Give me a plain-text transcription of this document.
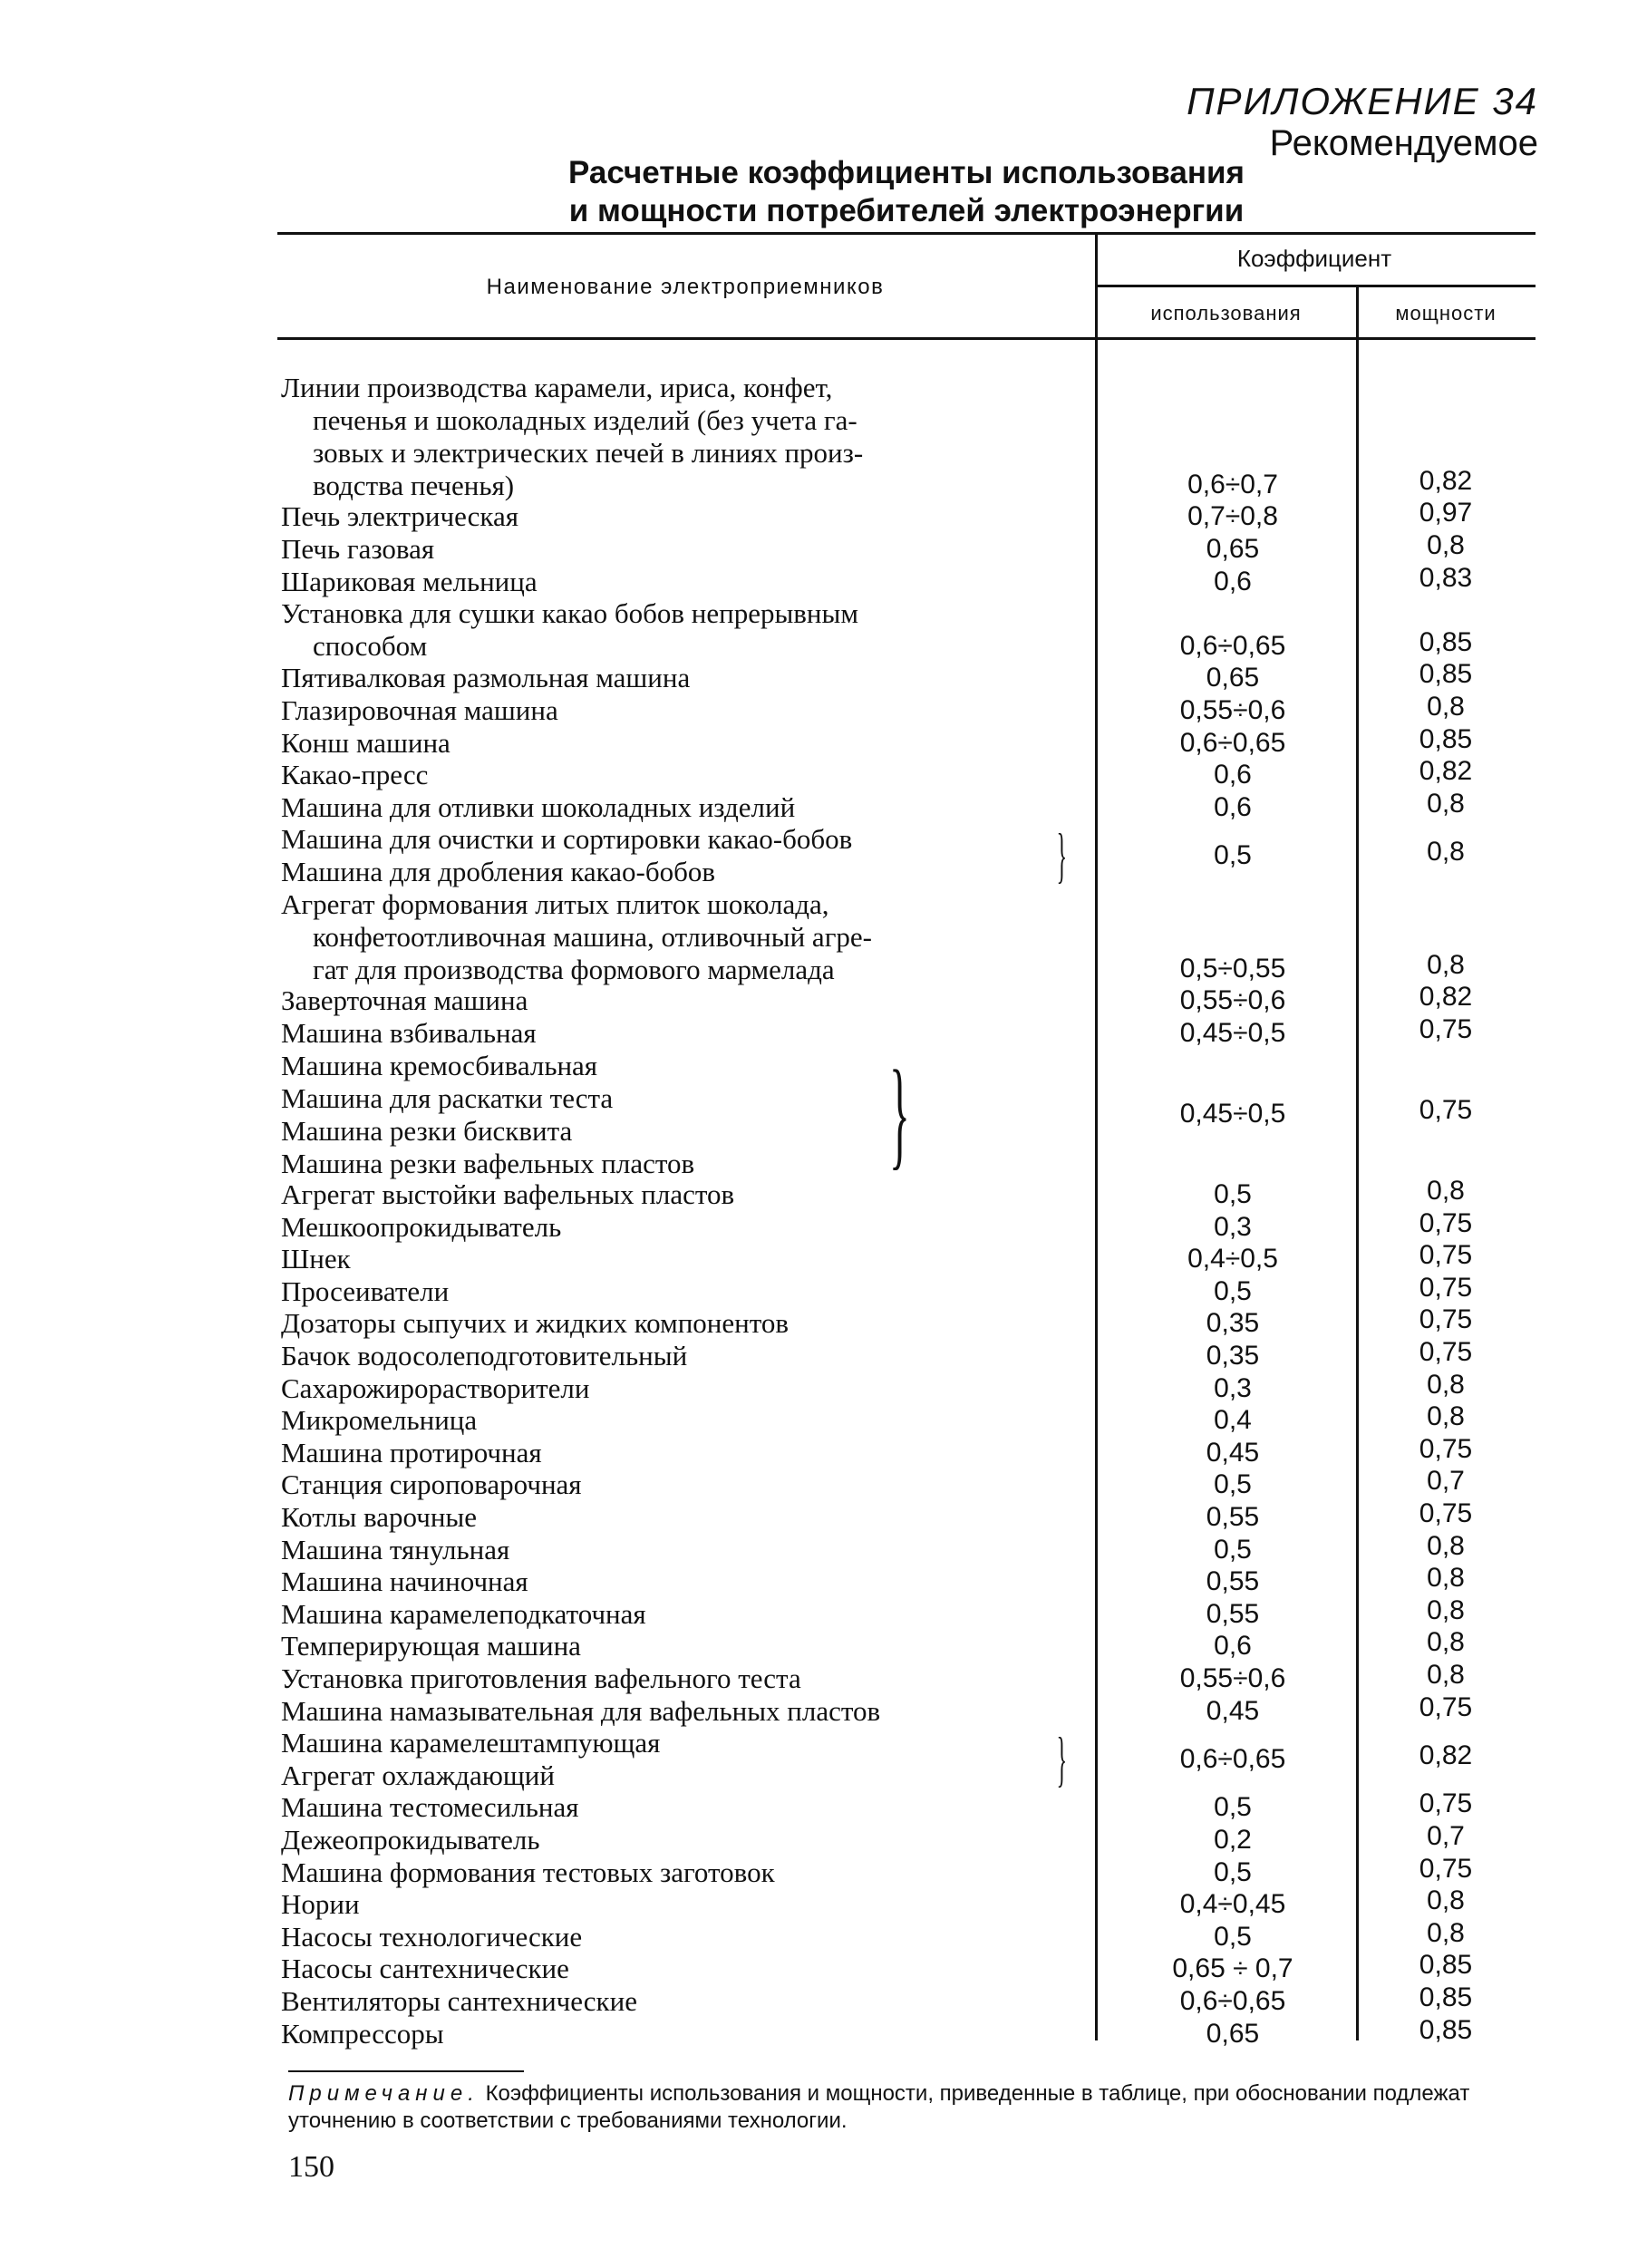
ПРИЛОЖЕНИЕ 34
Рекомендуемое
Расчетные коэффициенты использования
и мощности потребителей электроэнергии
Наименование электроприемников
Коэффициент
использования	мощности
Линии производства карамели, ириса, конфет,
печенья и шоколадных изделий (без учета га-
зовых и электрических печей в линиях произ-
водства печенья)	0,6÷0,7	0,82
Печь электрическая	0,7÷0,8	0,97
Печь газовая	0,65	0,8
Шариковая мельница	0,6	0,83
Установка для сушки какао бобов непрерывным
способом	0,6÷0,65	0,85
Пятивалковая размольная машина	0,65	0,85
Глазировочная машина	0,55÷0,6	0,8
Конш машина	0,6÷0,65	0,85
Какао-пресс	0,6	0,82
Машина для отливки шоколадных изделий	0,6	0,8
Машина для очистки и сортировки какао-бобов
Машина для дробления какао-бобов	}	0,5	0,8
Агрегат формования литых плиток шоколада,
конфетоотливочная машина, отливочный агре-
гат для производства формового мармелада	0,5÷0,55	0,8
Заверточная машина	0,55÷0,6	0,82
Машина взбивальная	0,45÷0,5	0,75
Машина кремосбивальная
Машина для раскатки теста
Машина резки бисквита
Машина резки вафельных пластов }	0,45÷0,5	0,75
Агрегат выстойки вафельных пластов	0,5	0,8
Мешкоопрокидыватель	0,3	0,75
Шнек	0,4÷0,5	0,75
Просеиватели	0,5	0,75
Дозаторы сыпучих и жидких компонентов	0,35	0,75
Бачок водосолеподготовительный	0,35	0,75
Сахарожирорастворители	0,3	0,8
Микромельница	0,4	0,8
Машина протирочная	0,45	0,75
Станция сироповарочная	0,5	0,7
Котлы варочные	0,55	0,75
Машина тянульная	0,5	0,8
Машина начиночная	0,55	0,8
Машина карамелеподкаточная	0,55	0,8
Темперирующая машина	0,6	0,8
Установка приготовления вафельного теста	0,55÷0,6	0,8
Машина намазывательная для вафельных пластов	0,45	0,75
Машина карамелештампующая
Агрегат охлаждающий	}	0,6÷0,65	0,82
Машина тестомесильная	0,5	0,75
Дежеопрокидыватель	0,2	0,7
Машина формования тестовых заготовок	0,5	0,75
Нории	0,4÷0,45	0,8
Насосы технологические	0,5	0,8
Насосы сантехнические	0,65 ÷ 0,7	0,85
Вентиляторы сантехнические	0,6÷0,65	0,85
Компрессоры	0,65	0,85
Примечание. Коэффициенты использования и мощности, приведенные в таблице, при обосновании подлежат уточнению в соответствии с требованиями технологии.
150
